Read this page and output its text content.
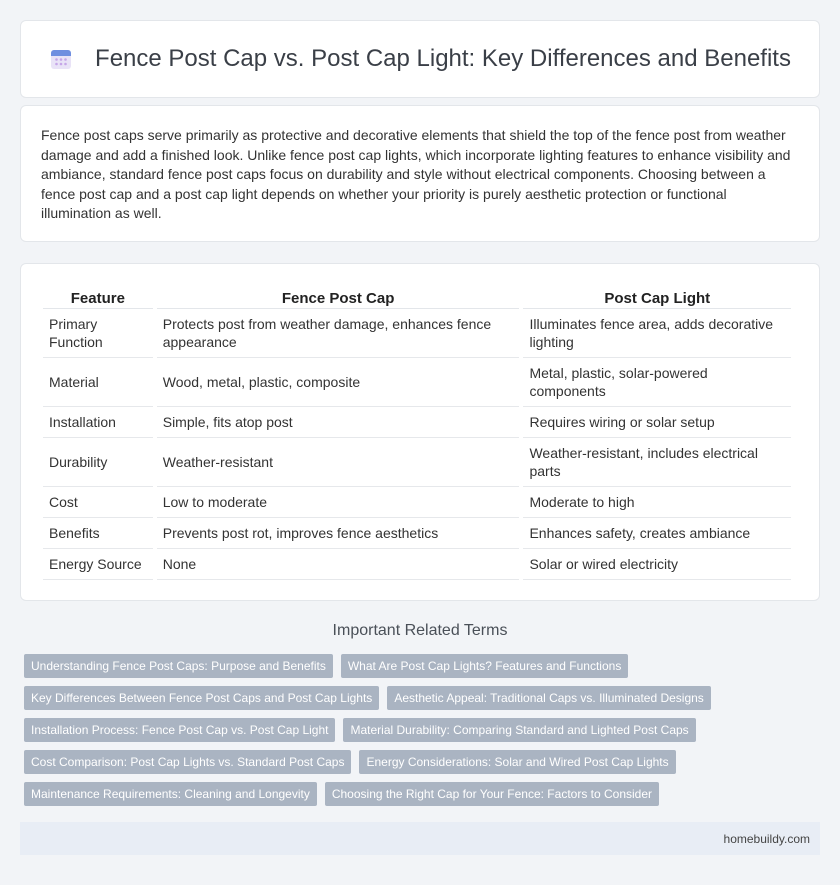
Fence Post Cap vs. Post Cap Light: Key Differences and Benefits

Fence post caps serve primarily as protective and decorative elements that shield the top of the fence post from weather damage and add a finished look. Unlike fence post cap lights, which incorporate lighting features to enhance visibility and ambiance, standard fence post caps focus on durability and style without electrical components. Choosing between a fence post cap and a post cap light depends on whether your priority is purely aesthetic protection or functional illumination as well.

Feature	Fence Post Cap	Post Cap Light
Primary Function	Protects post from weather damage, enhances fence appearance	Illuminates fence area, adds decorative lighting
Material	Wood, metal, plastic, composite	Metal, plastic, solar-powered components
Installation	Simple, fits atop post	Requires wiring or solar setup
Durability	Weather-resistant	Weather-resistant, includes electrical parts
Cost	Low to moderate	Moderate to high
Benefits	Prevents post rot, improves fence aesthetics	Enhances safety, creates ambiance
Energy Source	None	Solar or wired electricity
Important Related Terms
Understanding Fence Post Caps: Purpose and Benefits	What Are Post Cap Lights? Features and Functions
Key Differences Between Fence Post Caps and Post Cap Lights	Aesthetic Appeal: Traditional Caps vs. Illuminated Designs
Installation Process: Fence Post Cap vs. Post Cap Light	Material Durability: Comparing Standard and Lighted Post Caps
Cost Comparison: Post Cap Lights vs. Standard Post Caps	Energy Considerations: Solar and Wired Post Cap Lights
Maintenance Requirements: Cleaning and Longevity	Choosing the Right Cap for Your Fence: Factors to Consider
homebuildy.com
